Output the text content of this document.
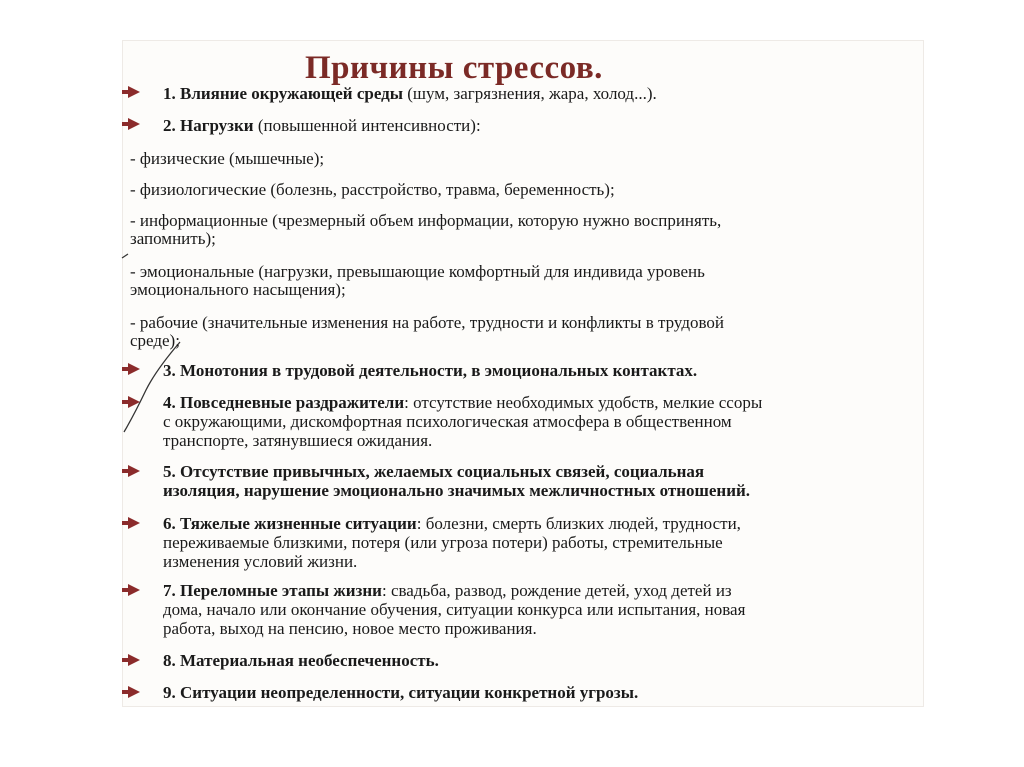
Причины стрессов.
1. Влияние окружающей среды (шум, загрязнения, жара, холод...).
2. Нагрузки (повышенной интенсивности):
- физические (мышечные);
- физиологические (болезнь, расстройство, травма, беременность);
- информационные (чрезмерный объем информации, которую нужно воспринять,
запомнить);
- эмоциональные (нагрузки, превышающие комфортный для индивида уровень
эмоционального насыщения);
- рабочие (значительные изменения на работе, трудности и конфликты в трудовой
среде);
3. Монотония в трудовой деятельности, в эмоциональных контактах.
4. Повседневные раздражители: отсутствие необходимых удобств, мелкие ссоры
с окружающими, дискомфортная психологическая атмосфера в общественном
транспорте, затянувшиеся ожидания.
5. Отсутствие привычных, желаемых социальных связей, социальная
изоляция, нарушение эмоционально значимых межличностных отношений.
6. Тяжелые жизненные ситуации: болезни, смерть близких людей, трудности,
переживаемые близкими, потеря (или угроза потери) работы, стремительные
изменения условий жизни.
7. Переломные этапы жизни: свадьба, развод, рождение детей, уход детей из
дома, начало или окончание обучения, ситуации конкурса или испытания, новая
работа, выход на пенсию, новое место проживания.
8. Материальная необеспеченность.
9. Ситуации неопределенности, ситуации конкретной угрозы.
